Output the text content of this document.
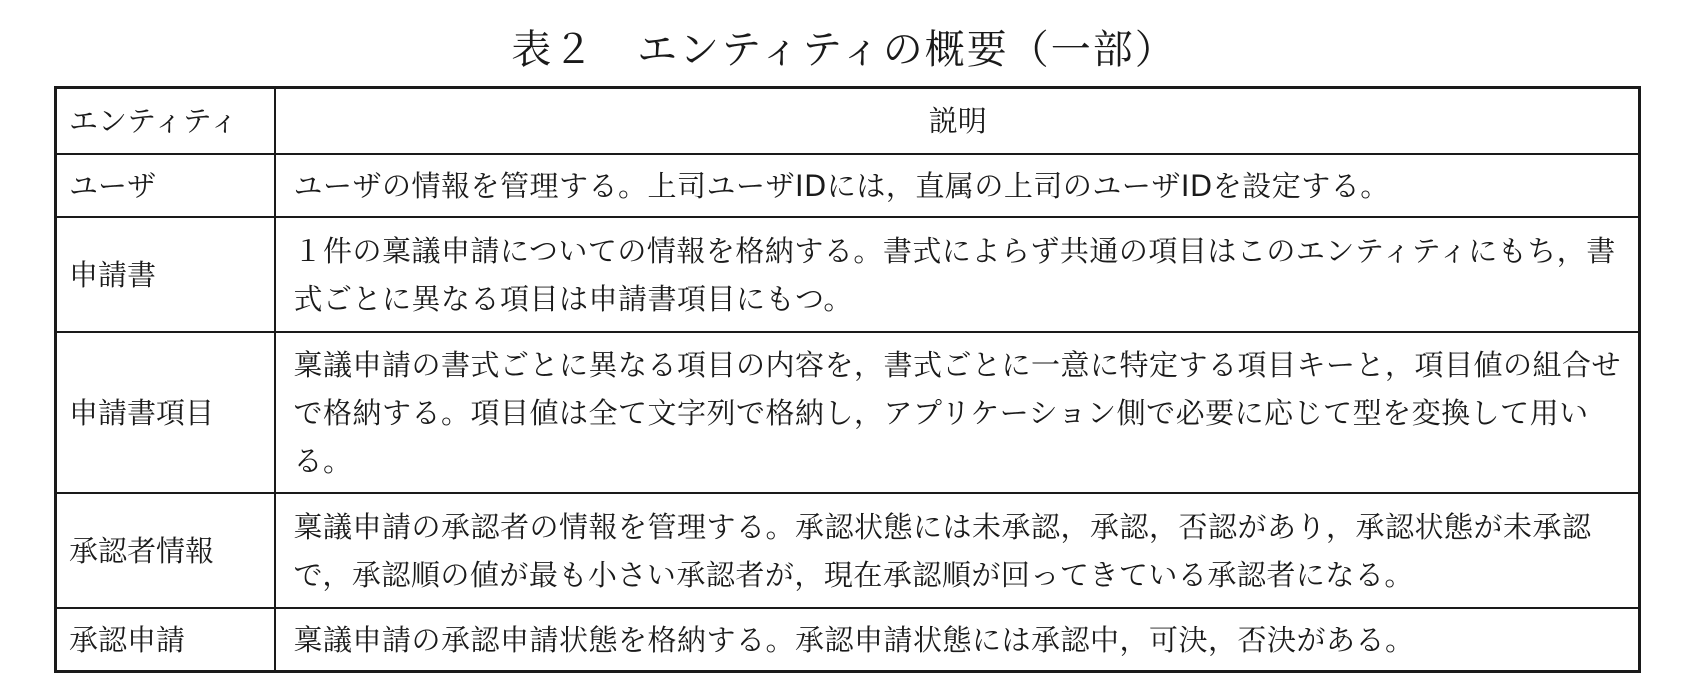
表２　エンティティの概要（一部）
エンティティ	説明
ユーザ	ユーザの情報を管理する。上司ユーザIDには，直属の上司のユーザIDを設定する。
申請書	１件の稟議申請についての情報を格納する。書式によらず共通の項目はこのエンティティにもち，書式ごとに異なる項目は申請書項目にもつ。
申請書項目	稟議申請の書式ごとに異なる項目の内容を，書式ごとに一意に特定する項目キーと，項目値の組合せで格納する。項目値は全て文字列で格納し，アプリケーション側で必要に応じて型を変換して用いる。
承認者情報	稟議申請の承認者の情報を管理する。承認状態には未承認，承認，否認があり，承認状態が未承認で，承認順の値が最も小さい承認者が，現在承認順が回ってきている承認者になる。
承認申請	稟議申請の承認申請状態を格納する。承認申請状態には承認中，可決，否決がある。
